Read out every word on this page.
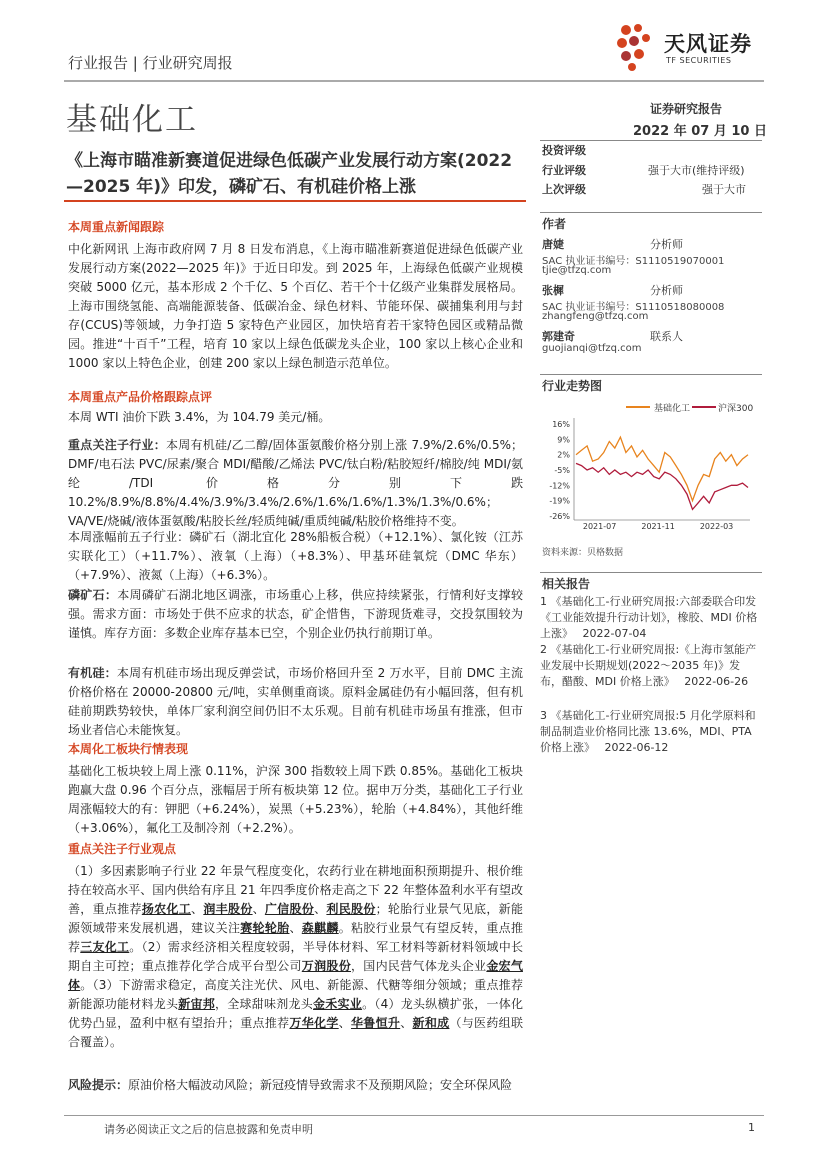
行业报告 | 行业研究周报
天风证券
TF SECURITIES
基础化工	证券研究报告
2022 年 07 月 10 日
《上海市瞄准新赛道促进绿色低碳产业发展行动方案(2022—2025 年)》印发，磷矿石、有机硅价格上涨
投资评级
行业评级	强于大市(维持评级)
上次评级	强于大市
作者
唐婕	分析师
SAC 执业证书编号：S1110519070001
tjie@tfzq.com
张樨	分析师
SAC 执业证书编号：S1110518080008
zhangfeng@tfzq.com
郭建奇	联系人
guojianqi@tfzq.com
行业走势图
基础化工	沪深300
16%
9%
2%
-5%
-12%
-19%
-26%
2021-07	2021-11	2022-03
资料来源：贝格数据
相关报告
1 《基础化工-行业研究周报:六部委联合印发《工业能效提升行动计划》，橡胶、MDI 价格上涨》 2022-07-04
2 《基础化工-行业研究周报:《上海市氢能产业发展中长期规划(2022～2035 年)》发布，醋酸、MDI 价格上涨》 2022-06-26
3 《基础化工-行业研究周报:5 月化学原料和制品制造业价格同比涨 13.6%，MDI、PTA 价格上涨》 2022-06-12
本周重点新闻跟踪
中化新网讯 上海市政府网 7 月 8 日发布消息，《上海市瞄准新赛道促进绿色低碳产业发展行动方案(2022—2025 年)》于近日印发。到 2025 年，上海绿色低碳产业规模突破 5000 亿元，基本形成 2 个千亿、5 个百亿、若干个十亿级产业集群发展格局。上海市围绕氢能、高端能源装备、低碳冶金、绿色材料、节能环保、碳捕集利用与封存(CCUS)等领域，力争打造 5 家特色产业园区，加快培育若干家特色园区或精品微园。推进“十百千”工程，培育 10 家以上绿色低碳龙头企业，100 家以上核心企业和 1000 家以上特色企业，创建 200 家以上绿色制造示范单位。
本周重点产品价格跟踪点评
本周 WTI 油价下跌 3.4%，为 104.79 美元/桶。
重点关注子行业：本周有机硅/乙二醇/固体蛋氨酸价格分别上涨 7.9%/2.6%/0.5%；DMF/电石法 PVC/尿素/聚合 MDI/醋酸/乙烯法 PVC/钛白粉/粘胶短纤/棉胶/纯 MDI/氨纶/TDI 价格分别下跌 10.2%/8.9%/8.8%/4.4%/3.9%/3.4%/2.6%/1.6%/1.6%/1.3%/1.3%/0.6%；VA/VE/烧碱/液体蛋氨酸/粘胶长丝/轻质纯碱/重质纯碱/粘胶价格维持不变。
本周涨幅前五子行业：磷矿石（湖北宜化 28%船板合税）（+12.1%）、氯化铵（江苏实联化工）（+11.7%）、液氧（上海）（+8.3%）、甲基环硅氧烷（DMC 华东）（+7.9%）、液氮（上海）（+6.3%）。
磷矿石：本周磷矿石湖北地区调涨，市场重心上移，供应持续紧张，行情利好支撑较强。需求方面：市场处于供不应求的状态，矿企惜售，下游现货难寻，交投氛围较为谨慎。库存方面：多数企业库存基本已空，个别企业仍执行前期订单。
有机硅：本周有机硅市场出现反弹尝试，市场价格回升至 2 万水平，目前 DMC 主流价格价格在 20000-20800 元/吨，实单侧重商谈。原料金属硅仍有小幅回落，但有机硅前期跌势较快，单体厂家利润空间仍旧不太乐观。目前有机硅市场虽有推涨，但市场业者信心未能恢复。
本周化工板块行情表现
基础化工板块较上周上涨 0.11%，沪深 300 指数较上周下跌 0.85%。基础化工板块跑赢大盘 0.96 个百分点，涨幅居于所有板块第 12 位。据申万分类，基础化工子行业周涨幅较大的有：钾肥（+6.24%），炭黑（+5.23%），轮胎（+4.84%），其他纤维（+3.06%），氟化工及制冷剂（+2.2%）。
重点关注子行业观点
（1）多因素影响子行业 22 年景气程度变化，农药行业在耕地面积预期提升、根价维持在较高水平、国内供给有序且 21 年四季度价格走高之下 22 年整体盈利水平有望改善，重点推荐扬农化工、润丰股份、广信股份、利民股份；轮胎行业景气见底，新能源领域带来发展机遇，建议关注赛轮轮胎、森麒麟。粘胶行业景气有望反转，重点推荐三友化工。（2）需求经济相关程度较弱，半导体材料、军工材料等新材料领域中长期自主可控；重点推荐化学合成平台型公司万润股份，国内民营气体龙头企业金宏气体。（3）下游需求稳定，高度关注光伏、风电、新能源、代糖等细分领域；重点推荐新能源功能材料龙头新宙邦，全球甜味剂龙头金禾实业。（4）龙头纵横扩张，一体化优势凸显，盈利中枢有望抬升；重点推荐万华化学、华鲁恒升、新和成（与医药组联合覆盖）。
风险提示：原油价格大幅波动风险；新冠疫情导致需求不及预期风险；安全环保风险
请务必阅读正文之后的信息披露和免责申明	1
